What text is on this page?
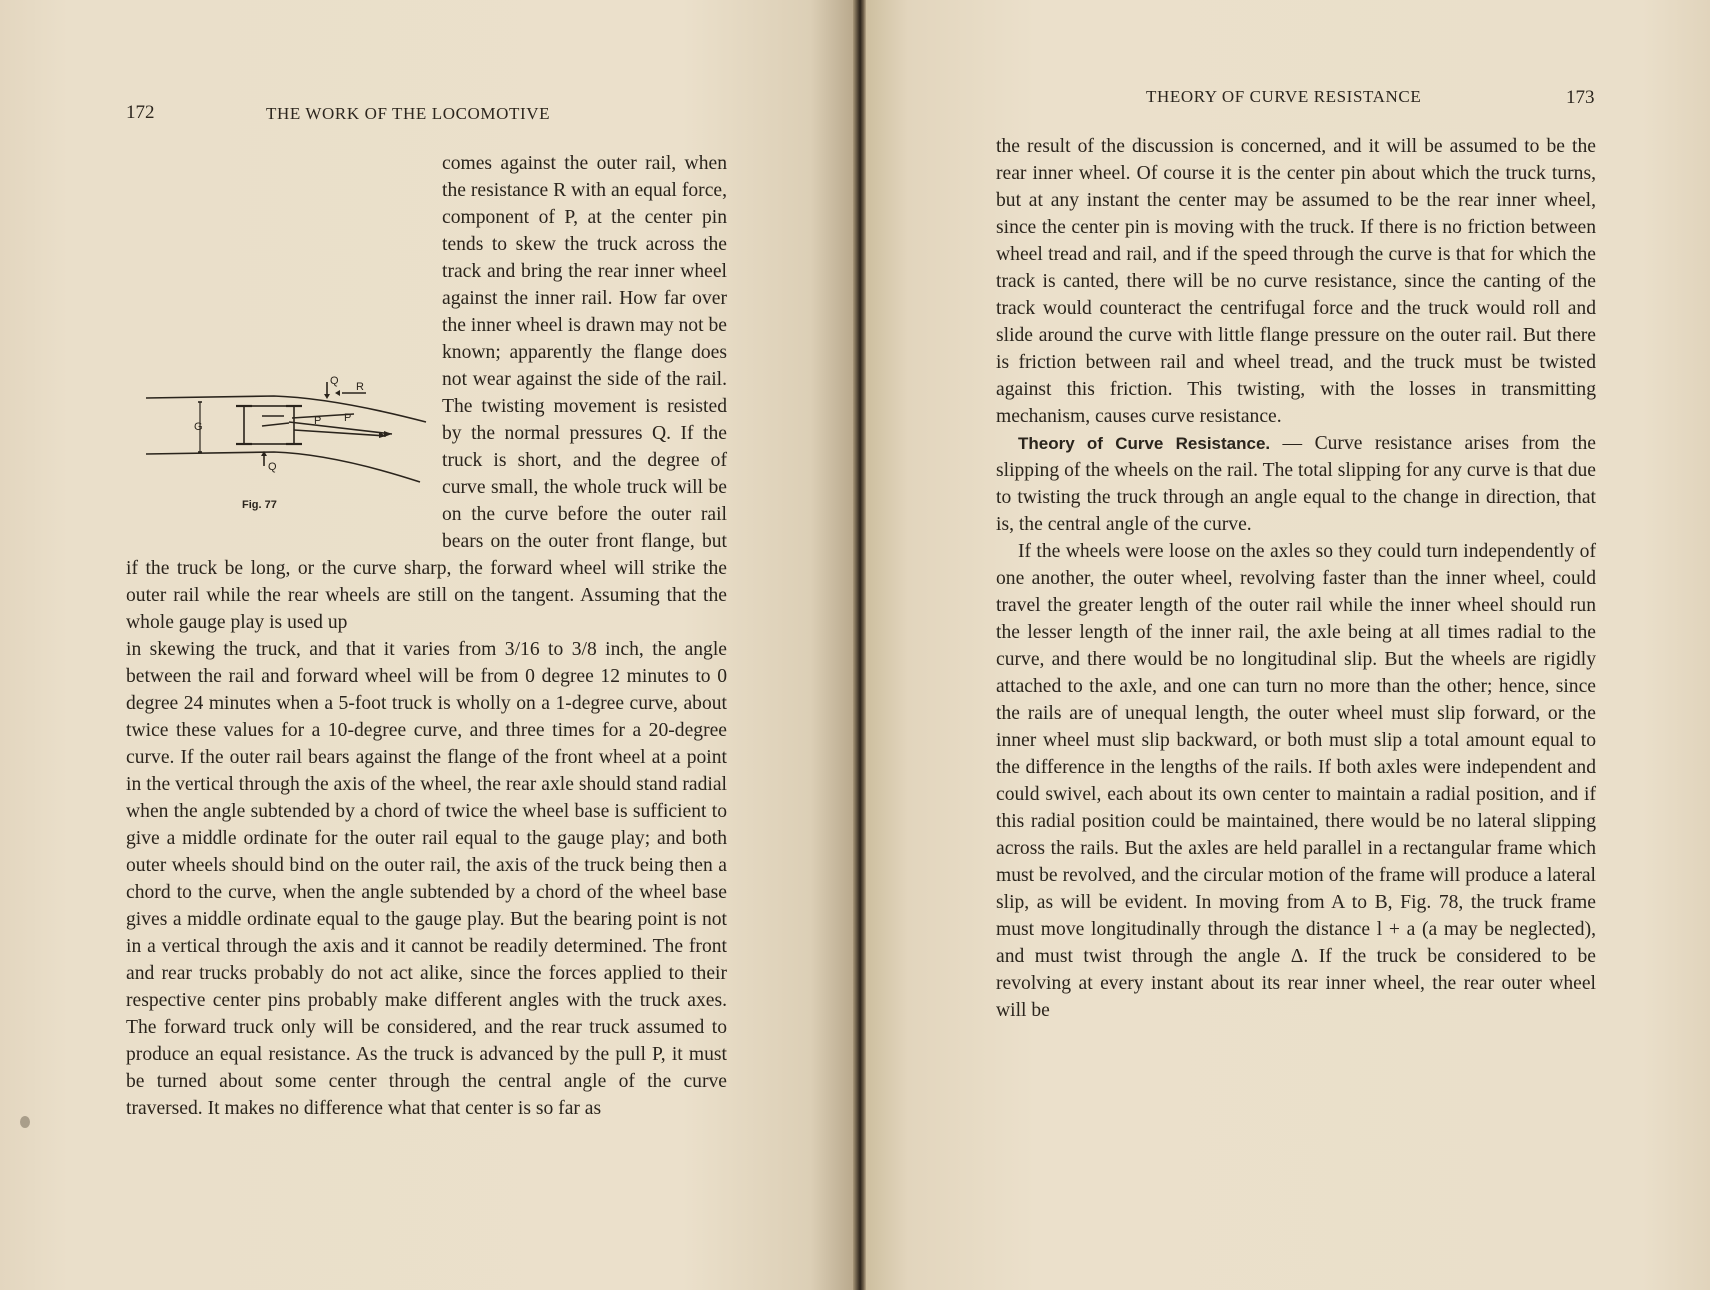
172	THE WORK OF THE LOCOMOTIVE
Q R
G	P P
Q
Fig. 77

comes against the outer rail, when the resistance R with an equal force, component of P, at the center pin tends to skew the truck across the track and bring the rear inner wheel against the inner rail. How far over the inner wheel is drawn may not be known; apparently the flange does not wear against the side of the rail. The twisting movement is resisted by the normal pressures Q. If the truck is short, and the degree of curve small, the whole truck will be on the curve before the outer rail bears on the outer front flange, but if the truck be long, or the curve sharp, the forward wheel will strike the outer rail while the rear wheels are still on the tangent. Assuming that the whole gauge play is used up

in skewing the truck, and that it varies from 3/16 to 3/8 inch, the angle between the rail and forward wheel will be from 0 degree 12 minutes to 0 degree 24 minutes when a 5-foot truck is wholly on a 1-degree curve, about twice these values for a 10-degree curve, and three times for a 20-degree curve. If the outer rail bears against the flange of the front wheel at a point in the vertical through the axis of the wheel, the rear axle should stand radial when the angle subtended by a chord of twice the wheel base is sufficient to give a middle ordinate for the outer rail equal to the gauge play; and both outer wheels should bind on the outer rail, the axis of the truck being then a chord to the curve, when the angle subtended by a chord of the wheel base gives a middle ordinate equal to the gauge play. But the bearing point is not in a vertical through the axis and it cannot be readily determined. The front and rear trucks probably do not act alike, since the forces applied to their respective center pins probably make different angles with the truck axes. The forward truck only will be considered, and the rear truck assumed to produce an equal resistance. As the truck is advanced by the pull P, it must be turned about some center through the central angle of the curve traversed. It makes no difference what that center is so far as

THEORY OF CURVE RESISTANCE	173

the result of the discussion is concerned, and it will be assumed to be the rear inner wheel. Of course it is the center pin about which the truck turns, but at any instant the center may be assumed to be the rear inner wheel, since the center pin is moving with the truck. If there is no friction between wheel tread and rail, and if the speed through the curve is that for which the track is canted, there will be no curve resistance, since the canting of the track would counteract the centrifugal force and the truck would roll and slide around the curve with little flange pressure on the outer rail. But there is friction between rail and wheel tread, and the truck must be twisted against this friction. This twisting, with the losses in transmitting mechanism, causes curve resistance.

Theory of Curve Resistance. — Curve resistance arises from the slipping of the wheels on the rail. The total slipping for any curve is that due to twisting the truck through an angle equal to the change in direction, that is, the central angle of the curve.

If the wheels were loose on the axles so they could turn independently of one another, the outer wheel, revolving faster than the inner wheel, could travel the greater length of the outer rail while the inner wheel should run the lesser length of the inner rail, the axle being at all times radial to the curve, and there would be no longitudinal slip. But the wheels are rigidly attached to the axle, and one can turn no more than the other; hence, since the rails are of unequal length, the outer wheel must slip forward, or the inner wheel must slip backward, or both must slip a total amount equal to the difference in the lengths of the rails. If both axles were independent and could swivel, each about its own center to maintain a radial position, and if this radial position could be maintained, there would be no lateral slipping across the rails. But the axles are held parallel in a rectangular frame which must be revolved, and the circular motion of the frame will produce a lateral slip, as will be evident. In moving from A to B, Fig. 78, the truck frame must move longitudinally through the distance l + a (a may be neglected), and must twist through the angle Δ. If the truck be considered to be revolving at every instant about its rear inner wheel, the rear outer wheel will be
